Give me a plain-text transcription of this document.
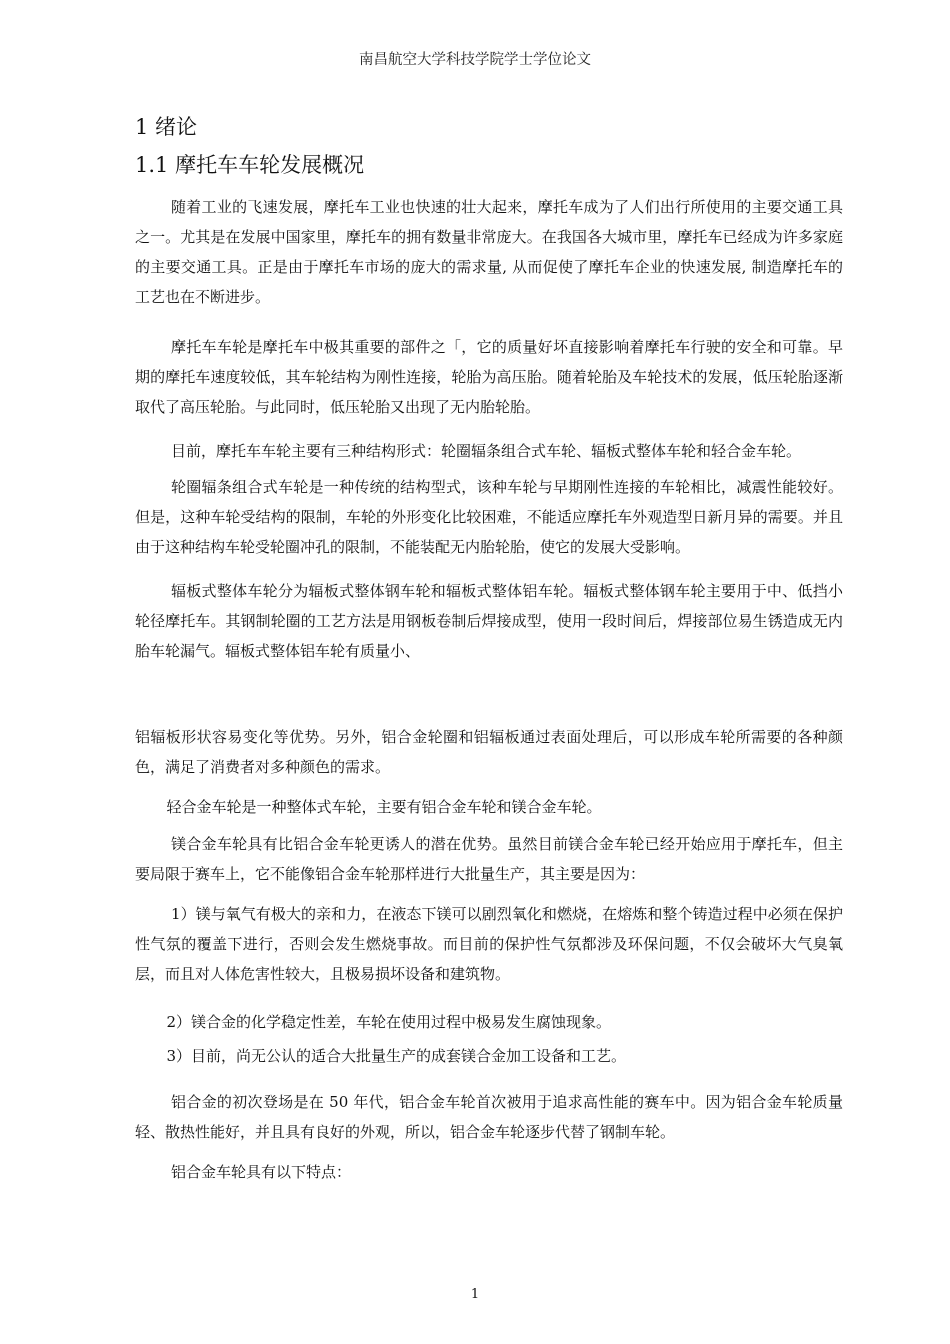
南昌航空大学科技学院学士学位论文
1 绪论
1.1 摩托车车轮发展概况

随着工业的飞速发展，摩托车工业也快速的壮大起来，摩托车成为了人们出行所使用的主要交通工具之一。尤其是在发展中国家里，摩托车的拥有数量非常庞大。在我国各大城市里，摩托车已经成为许多家庭的主要交通工具。正是由于摩托车市场的庞大的需求量, 从而促使了摩托车企业的快速发展, 制造摩托车的工艺也在不断进步。

摩托车车轮是摩托车中极其重要的部件之「，它的质量好坏直接影响着摩托车行驶的安全和可靠。早期的摩托车速度较低，其车轮结构为刚性连接，轮胎为高压胎。随着轮胎及车轮技术的发展，低压轮胎逐渐取代了高压轮胎。与此同时，低压轮胎又出现了无内胎轮胎。

目前，摩托车车轮主要有三种结构形式：轮圈辐条组合式车轮、辐板式整体车轮和轻合金车轮。

轮圈辐条组合式车轮是一种传统的结构型式，该种车轮与早期刚性连接的车轮相比，减震性能较好。但是，这种车轮受结构的限制，车轮的外形变化比较困难，不能适应摩托车外观造型日新月异的需要。并且由于这种结构车轮受轮圈冲孔的限制，不能装配无内胎轮胎，使它的发展大受影响。

辐板式整体车轮分为辐板式整体钢车轮和辐板式整体铝车轮。辐板式整体钢车轮主要用于中、低挡小轮径摩托车。其钢制轮圈的工艺方法是用钢板卷制后焊接成型，使用一段时间后，焊接部位易生锈造成无内胎车轮漏气。辐板式整体铝车轮有质量小、

铝辐板形状容易变化等优势。另外，铝合金轮圈和铝辐板通过表面处理后，可以形成车轮所需要的各种颜色，满足了消费者对多种颜色的需求。

轻合金车轮是一种整体式车轮，主要有铝合金车轮和镁合金车轮。

镁合金车轮具有比铝合金车轮更诱人的潜在优势。虽然目前镁合金车轮已经开始应用于摩托车，但主要局限于赛车上，它不能像铝合金车轮那样进行大批量生产，其主要是因为：

1）镁与氧气有极大的亲和力，在液态下镁可以剧烈氧化和燃烧，在熔炼和整个铸造过程中必须在保护性气氛的覆盖下进行，否则会发生燃烧事故。而目前的保护性气氛都涉及环保问题，不仅会破坏大气臭氧层，而且对人体危害性较大，且极易损坏设备和建筑物。

2）镁合金的化学稳定性差，车轮在使用过程中极易发生腐蚀现象。

3）目前，尚无公认的适合大批量生产的成套镁合金加工设备和工艺。

铝合金的初次登场是在 50 年代，铝合金车轮首次被用于追求高性能的赛车中。因为铝合金车轮质量轻、散热性能好，并且具有良好的外观，所以，铝合金车轮逐步代替了钢制车轮。

铝合金车轮具有以下特点：

1
